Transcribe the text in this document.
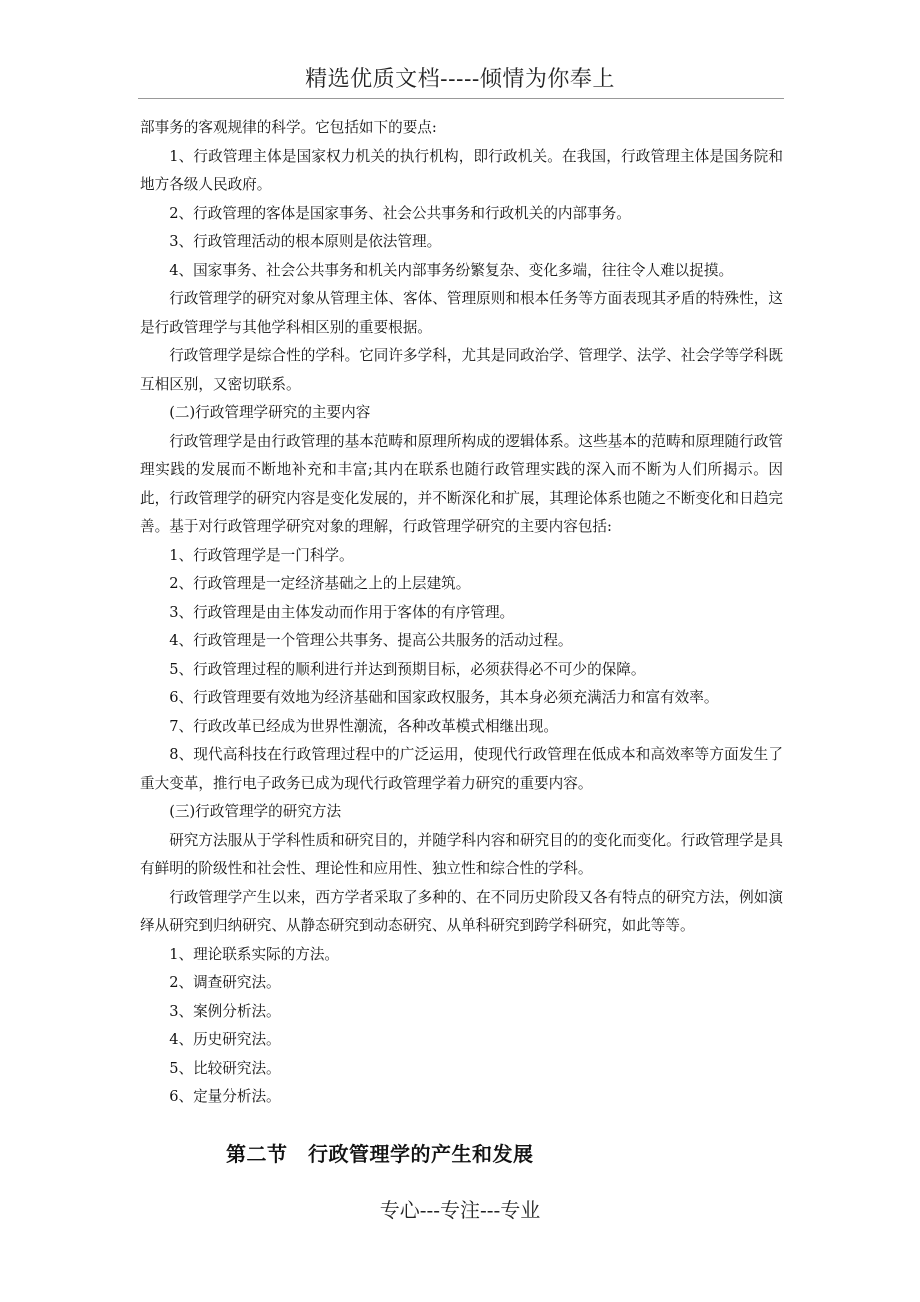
精选优质文档-----倾情为你奉上

部事务的客观规律的科学。它包括如下的要点:

1、行政管理主体是国家权力机关的执行机构，即行政机关。在我国，行政管理主体是国务院和地方各级人民政府。

2、行政管理的客体是国家事务、社会公共事务和行政机关的内部事务。

3、行政管理活动的根本原则是依法管理。

4、国家事务、社会公共事务和机关内部事务纷繁复杂、变化多端，往往令人难以捉摸。

行政管理学的研究对象从管理主体、客体、管理原则和根本任务等方面表现其矛盾的特殊性，这是行政管理学与其他学科相区别的重要根据。

行政管理学是综合性的学科。它同许多学科，尤其是同政治学、管理学、法学、社会学等学科既互相区别，又密切联系。

(二)行政管理学研究的主要内容

行政管理学是由行政管理的基本范畴和原理所构成的逻辑体系。这些基本的范畴和原理随行政管理实践的发展而不断地补充和丰富;其内在联系也随行政管理实践的深入而不断为人们所揭示。因此，行政管理学的研究内容是变化发展的，并不断深化和扩展，其理论体系也随之不断变化和日趋完善。基于对行政管理学研究对象的理解，行政管理学研究的主要内容包括:

1、行政管理学是一门科学。

2、行政管理是一定经济基础之上的上层建筑。

3、行政管理是由主体发动而作用于客体的有序管理。

4、行政管理是一个管理公共事务、提高公共服务的活动过程。

5、行政管理过程的顺利进行并达到预期目标，必须获得必不可少的保障。

6、行政管理要有效地为经济基础和国家政权服务，其本身必须充满活力和富有效率。

7、行政改革已经成为世界性潮流，各种改革模式相继出现。

8、现代高科技在行政管理过程中的广泛运用，使现代行政管理在低成本和高效率等方面发生了重大变革，推行电子政务已成为现代行政管理学着力研究的重要内容。

(三)行政管理学的研究方法

研究方法服从于学科性质和研究目的，并随学科内容和研究目的的变化而变化。行政管理学是具有鲜明的阶级性和社会性、理论性和应用性、独立性和综合性的学科。

行政管理学产生以来，西方学者采取了多种的、在不同历史阶段又各有特点的研究方法，例如演绎从研究到归纳研究、从静态研究到动态研究、从单科研究到跨学科研究，如此等等。

1、理论联系实际的方法。

2、调查研究法。

3、案例分析法。

4、历史研究法。

5、比较研究法。

6、定量分析法。

第二节　行政管理学的产生和发展
专心---专注---专业
